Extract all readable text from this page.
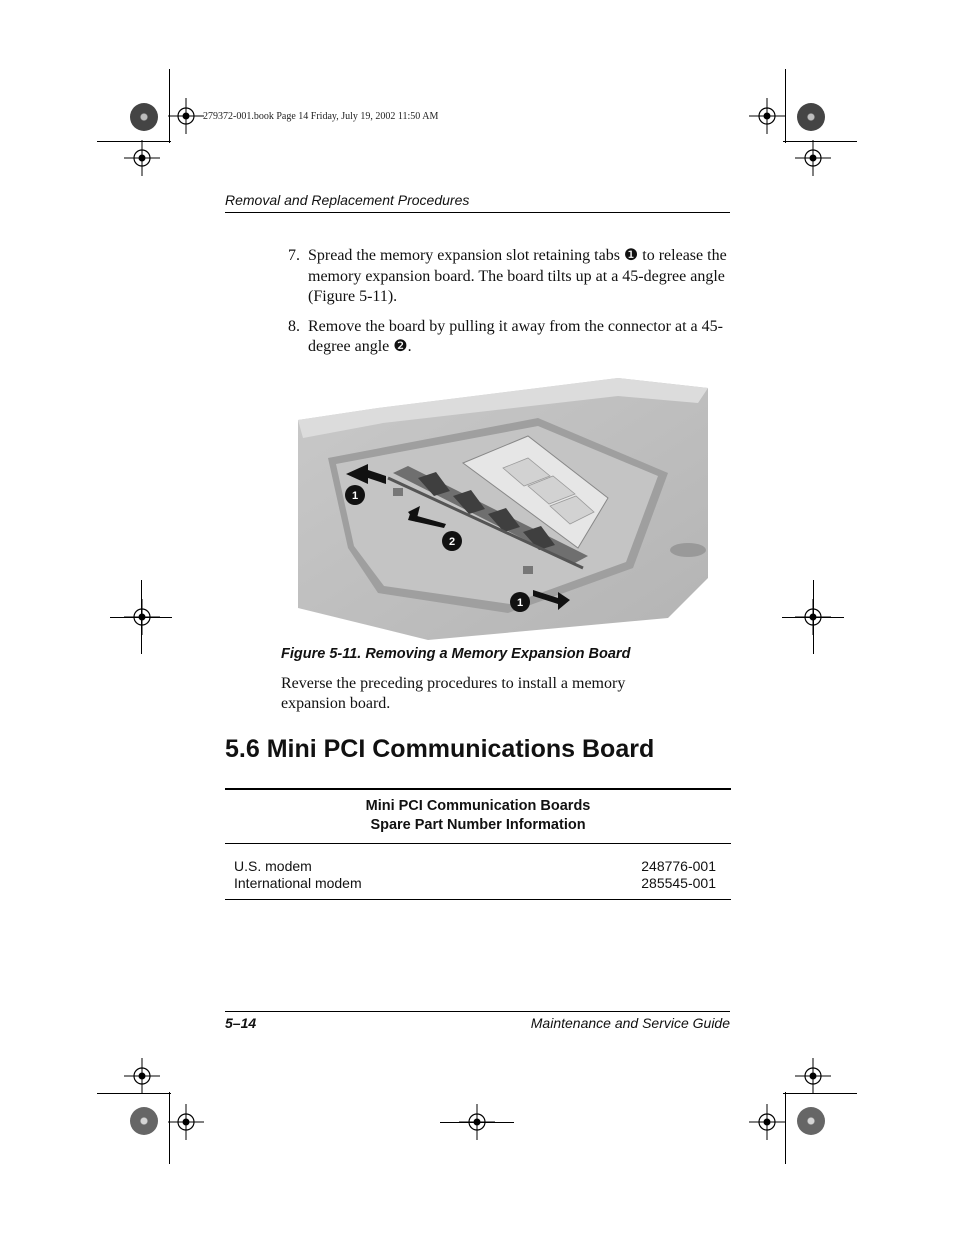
279372-001.book Page 14 Friday, July 19, 2002 11:50 AM
Removal and Replacement Procedures
7. Spread the memory expansion slot retaining tabs ❶ to release the memory expansion board. The board tilts up at a 45-degree angle (Figure 5-11).
8. Remove the board by pulling it away from the connector at a 45-degree angle ❷.
1
2
1
Figure 5-11. Removing a Memory Expansion Board
Reverse the preceding procedures to install a memory expansion board.
5.6 Mini PCI Communications Board
Mini PCI Communication Boards
Spare Part Number Information
U.S. modem	248776-001
International modem	285545-001
5–14	Maintenance and Service Guide
